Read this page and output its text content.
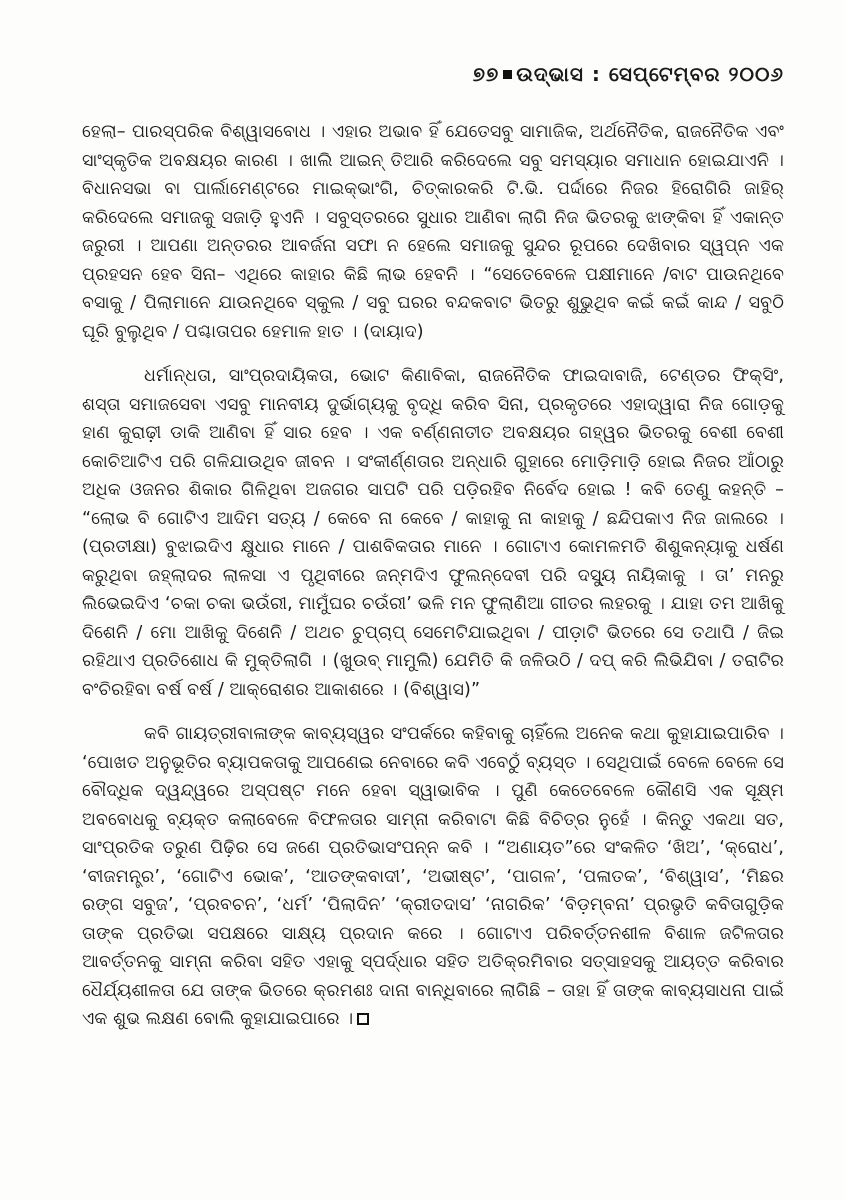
୭୭ ଉଦ୍‌ଭାସ : ସେପ୍ଟେମ୍ବର ୨୦୦୬

ହେଲା– ପାରସ୍ପରିକ ବିଶ୍ୱାସବୋଧ । ଏହାର ଅଭାବ ହିଁ ଯେତେସବୁ ସାମାଜିକ, ଅର୍ଥନୈତିକ, ରାଜନୈତିକ ଏବଂ ସାଂସ୍କୃତିକ ଅବକ୍ଷୟର କାରଣ । ଖାଲି ଆଇନ୍ ତିଆରି କରିଦେଲେ ସବୁ ସମସ୍ୟାର ସମାଧାନ ହୋଇଯାଏନି । ବିଧାନସଭା ବା ପାର୍ଲାମେଣ୍ଟରେ ମାଇକ୍‌ଭାଂଗି, ଚିତ୍କାରକରି ଟି.ଭି. ପର୍ଦ୍ଦାରେ ନିଜର ହିରୋଗିରି ଜାହିର୍ କରିଦେଲେ ସମାଜକୁ ସଜାଡ଼ି ହୁଏନି । ସବୁସ୍ତରରେ ସୁଧାର ଆଣିବା ଲାଗି ନିଜ ଭିତରକୁ ଝାଙ୍କିବା ହିଁ ଏକାନ୍ତ ଜରୁରୀ । ଆପଣା ଅନ୍ତରର ଆବର୍ଜନା ସଫା ନ ହେଲେ ସମାଜକୁ ସୁନ୍ଦର ରୂପରେ ଦେଖିବାର ସ୍ୱପ୍ନ ଏକ ପ୍ରହସନ ହେବ ସିନା– ଏଥିରେ କାହାର କିଛି ଲାଭ ହେବନି । “ସେତେବେଳେ ପକ୍ଷୀମାନେ /ବାଟ ପାଉନଥିବେ ବସାକୁ / ପିଲାମାନେ ଯାଉନଥିବେ ସ୍କୁଲ / ସବୁ ଘରର ବନ୍ଦକବାଟ ଭିତରୁ ଶୁଭୁଥିବ କଇଁ କଇଁ କାନ୍ଦ / ସବୁଠି ଘୂରି ବୁଲୁଥିବ / ପଶ୍ଚାତାପର ହେମାଳ ହାତ । (ଦାୟାଦ)

ଧର୍ମାନ୍ଧତା, ସାଂପ୍ରଦାୟିକତା, ଭୋଟ କିଣାବିକା, ରାଜନୈତିକ ଫାଇଦାବାଜି, ଟେଣ୍ଡର ଫିକ୍‌ସିଂ, ଶସ୍ତା ସମାଜସେବା ଏସବୁ ମାନବୀୟ ଦୁର୍ଭାଗ୍ୟକୁ ବୃଦ୍ଧି କରିବ ସିନା, ପ୍ରକୃତରେ ଏହାଦ୍ୱାରା ନିଜ ଗୋଡ଼କୁ ହାଣ କୁରାଢ଼ୀ ଡାକି ଆଣିବା ହିଁ ସାର ହେବ । ଏକ ବର୍ଣ୍ଣନାତୀତ ଅବକ୍ଷୟର ଗହ୍ୱର ଭିତରକୁ ବେଶୀ ବେଶୀ କୋଚିଆଟିଏ ପରି ଗଳିଯାଉଥିବ ଜୀବନ । ସଂକୀର୍ଣ୍ଣତାର ଅନ୍ଧାରି ଗୁହାରେ ମୋଡ଼ିମାଡ଼ି ହୋଇ ନିଜର ଆଁଠାରୁ ଅଧିକ ଓଜନର ଶିକାର ଗିଳିଥିବା ଅଜଗର ସାପଟି ପରି ପଡ଼ିରହିବ ନିର୍ବେଦ ହୋଇ ! କବି ତେଣୁ କହନ୍ତି – “ଲୋଭ ବି ଗୋଟିଏ ଆଦିମ ସତ୍ୟ / କେବେ ନା କେବେ / କାହାକୁ ନା କାହାକୁ / ଛନ୍ଦିପକାଏ ନିଜ ଜାଲରେ । (ପ୍ରତୀକ୍ଷା) ବୁଝାଇଦିଏ କ୍ଷୁଧାର ମାନେ / ପାଶବିକତାର ମାନେ । ଗୋଟାଏ କୋମଳମତି ଶିଶୁକନ୍ୟାକୁ ଧର୍ଷଣ କରୁଥିବା ଜହ୍ଲାଦର ଲାଳସା ଏ ପୃଥିବୀରେ ଜନ୍ମଦିଏ ଫୁଲନ୍‌ଦେବୀ ପରି ଦସ୍ୟୁ ନାୟିକାକୁ । ତା’ ମନରୁ ଲିଭେଇଦିଏ ‘ଚକା ଚକା ଭଉଁରୀ, ମାମୁଁଘର ଚଉଁରୀ’ ଭଳି ମନ ଫୁଲାଣିଆ ଗୀତର ଲହରକୁ । ଯାହା ତମ ଆଖିକୁ ଦିଶେନି / ମୋ ଆଖିକୁ ଦିଶେନି / ଅଥଚ ଚୁପ୍‌ଚାପ୍ ସେମେଟିଯାଇଥିବା / ପୀଡ଼ାଟି ଭିତରେ ସେ ତଥାପି / ଜିଇ ରହିଥାଏ ପ୍ରତିଶୋଧ କି ମୁକ୍ତିଲାଗି । (ଖୁଉବ୍ ମାମୁଲି) ଯେମିତି କି ଜଳିଉଠି / ଦପ୍ କରି ଲିଭିଯିବା / ତରାଟିର ବଂଚିରହିବା ବର୍ଷ ବର୍ଷ / ଆକ୍ରୋଶର ଆକାଶରେ । (ବିଶ୍ୱାସ)”

କବି ଗାୟତ୍ରୀବାଳାଙ୍କ କାବ୍ୟସ୍ୱର ସଂପର୍କରେ କହିବାକୁ ଚାହିଁଲେ ଅନେକ କଥା କୁହାଯାଇପାରିବ । ‘ପୋଖତ ଅନୁଭୂତିର ବ୍ୟାପକତାକୁ ଆପଣେଇ ନେବାରେ କବି ଏବେଠୁଁ ବ୍ୟସ୍ତ । ସେଥିପାଇଁ ବେଳେ ବେଳେ ସେ ବୌଦ୍ଧିକ ଦ୍ୱନ୍ଦ୍ୱରେ ଅସ୍ପଷ୍ଟ ମନେ ହେବା ସ୍ୱାଭାବିକ । ପୁଣି କେତେବେଳେ କୌଣସି ଏକ ସୂକ୍ଷ୍ମ ଅବବୋଧକୁ ବ୍ୟକ୍ତ କଲାବେଳେ ବିଫଳତାର ସାମ୍ନା କରିବାଟା କିଛି ବିଚିତ୍ର ନୁହେଁ । କିନ୍ତୁ ଏକଥା ସତ, ସାଂପ୍ରତିକ ତରୁଣ ପିଢ଼ିର ସେ ଜଣେ ପ୍ରତିଭାସଂପନ୍ନ କବି । “ଅଣାୟତ”ରେ ସଂକଳିତ ‘ଖିଅ’, ‘କ୍ରୋଧ’, ‘ବୀଜମନ୍ତ୍ର’, ‘ଗୋଟିଏ ଭୋକ’, ‘ଆତଙ୍କବାଦୀ’, ‘ଅଭୀଷ୍ଟ’, ‘ପାଗଳ’, ‘ପଳାତକ’, ‘ବିଶ୍ୱାସ’, ‘ମିଛର ରଙ୍ଗ ସବୁଜ’, ‘ପ୍ରବଚନ’, ‘ଧର୍ମ’ ‘ପିଲାଦିନ’ ‘କ୍ରୀତଦାସ’ ‘ନାଗରିକ’ ‘ବିଡ଼ମ୍ବନା’ ପ୍ରଭୃତି କବିତାଗୁଡ଼ିକ ତାଙ୍କ ପ୍ରତିଭା ସପକ୍ଷରେ ସାକ୍ଷ୍ୟ ପ୍ରଦାନ କରେ । ଗୋଟାଏ ପରିବର୍ତ୍ତନଶୀଳ ବିଶାଳ ଜଟିଳତାର ଆବର୍ତ୍ତନକୁ ସାମ୍ନା କରିବା ସହିତ ଏହାକୁ ସ୍ପର୍ଦ୍ଧାର ସହିତ ଅତିକ୍ରମିବାର ସତ୍‌ସାହସକୁ ଆୟତ୍ତ କରିବାର ଧୈର୍ଯ୍ୟଶୀଳତା ଯେ ତାଙ୍କ ଭିତରେ କ୍ରମଶଃ ଦାନା ବାନ୍ଧିବାରେ ଲାଗିଛି – ତାହା ହିଁ ତାଙ୍କ କାବ୍ୟସାଧନା ପାଇଁ ଏକ ଶୁଭ ଲକ୍ଷଣ ବୋଲି କୁହାଯାଇପାରେ ।
